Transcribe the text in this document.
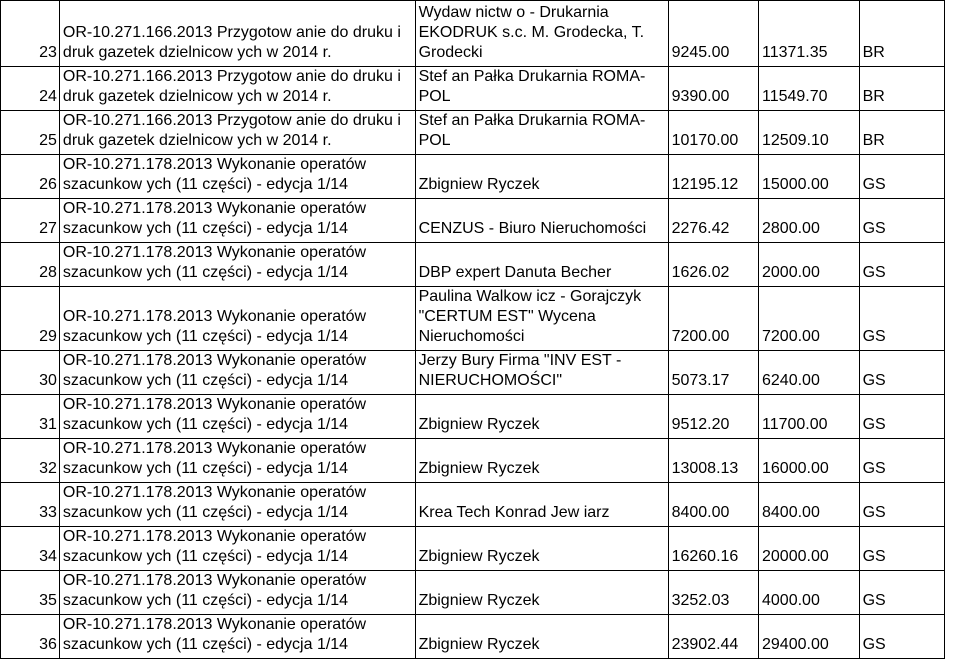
23	OR-10.271.166.2013 Przygotow anie do druku i
druk gazetek dzielnicow ych w 2014 r.	Wydaw nictw o - Drukarnia
EKODRUK s.c. M. Grodecka, T.
Grodecki	9245.00	11371.35	BR
24	OR-10.271.166.2013 Przygotow anie do druku i
druk gazetek dzielnicow ych w 2014 r.	Stef an Pałka Drukarnia ROMA-
POL	9390.00	11549.70	BR
25	OR-10.271.166.2013 Przygotow anie do druku i
druk gazetek dzielnicow ych w 2014 r.	Stef an Pałka Drukarnia ROMA-
POL	10170.00	12509.10	BR
26	OR-10.271.178.2013 Wykonanie operatów
szacunkow ych (11 części) - edycja 1/14	Zbigniew Ryczek	12195.12	15000.00	GS
27	OR-10.271.178.2013 Wykonanie operatów
szacunkow ych (11 części) - edycja 1/14	CENZUS - Biuro Nieruchomości	2276.42	2800.00	GS
28	OR-10.271.178.2013 Wykonanie operatów
szacunkow ych (11 części) - edycja 1/14	DBP expert Danuta Becher	1626.02	2000.00	GS
29	OR-10.271.178.2013 Wykonanie operatów
szacunkow ych (11 części) - edycja 1/14	Paulina Walkow icz - Gorajczyk
"CERTUM EST" Wycena
Nieruchomości	7200.00	7200.00	GS
30	OR-10.271.178.2013 Wykonanie operatów
szacunkow ych (11 części) - edycja 1/14	Jerzy Bury Firma "INV EST -
NIERUCHOMOŚCI"	5073.17	6240.00	GS
31	OR-10.271.178.2013 Wykonanie operatów
szacunkow ych (11 części) - edycja 1/14	Zbigniew Ryczek	9512.20	11700.00	GS
32	OR-10.271.178.2013 Wykonanie operatów
szacunkow ych (11 części) - edycja 1/14	Zbigniew Ryczek	13008.13	16000.00	GS
33	OR-10.271.178.2013 Wykonanie operatów
szacunkow ych (11 części) - edycja 1/14	Krea Tech Konrad Jew iarz	8400.00	8400.00	GS
34	OR-10.271.178.2013 Wykonanie operatów
szacunkow ych (11 części) - edycja 1/14	Zbigniew Ryczek	16260.16	20000.00	GS
35	OR-10.271.178.2013 Wykonanie operatów
szacunkow ych (11 części) - edycja 1/14	Zbigniew Ryczek	3252.03	4000.00	GS
36	OR-10.271.178.2013 Wykonanie operatów
szacunkow ych (11 części) - edycja 1/14	Zbigniew Ryczek	23902.44	29400.00	GS
